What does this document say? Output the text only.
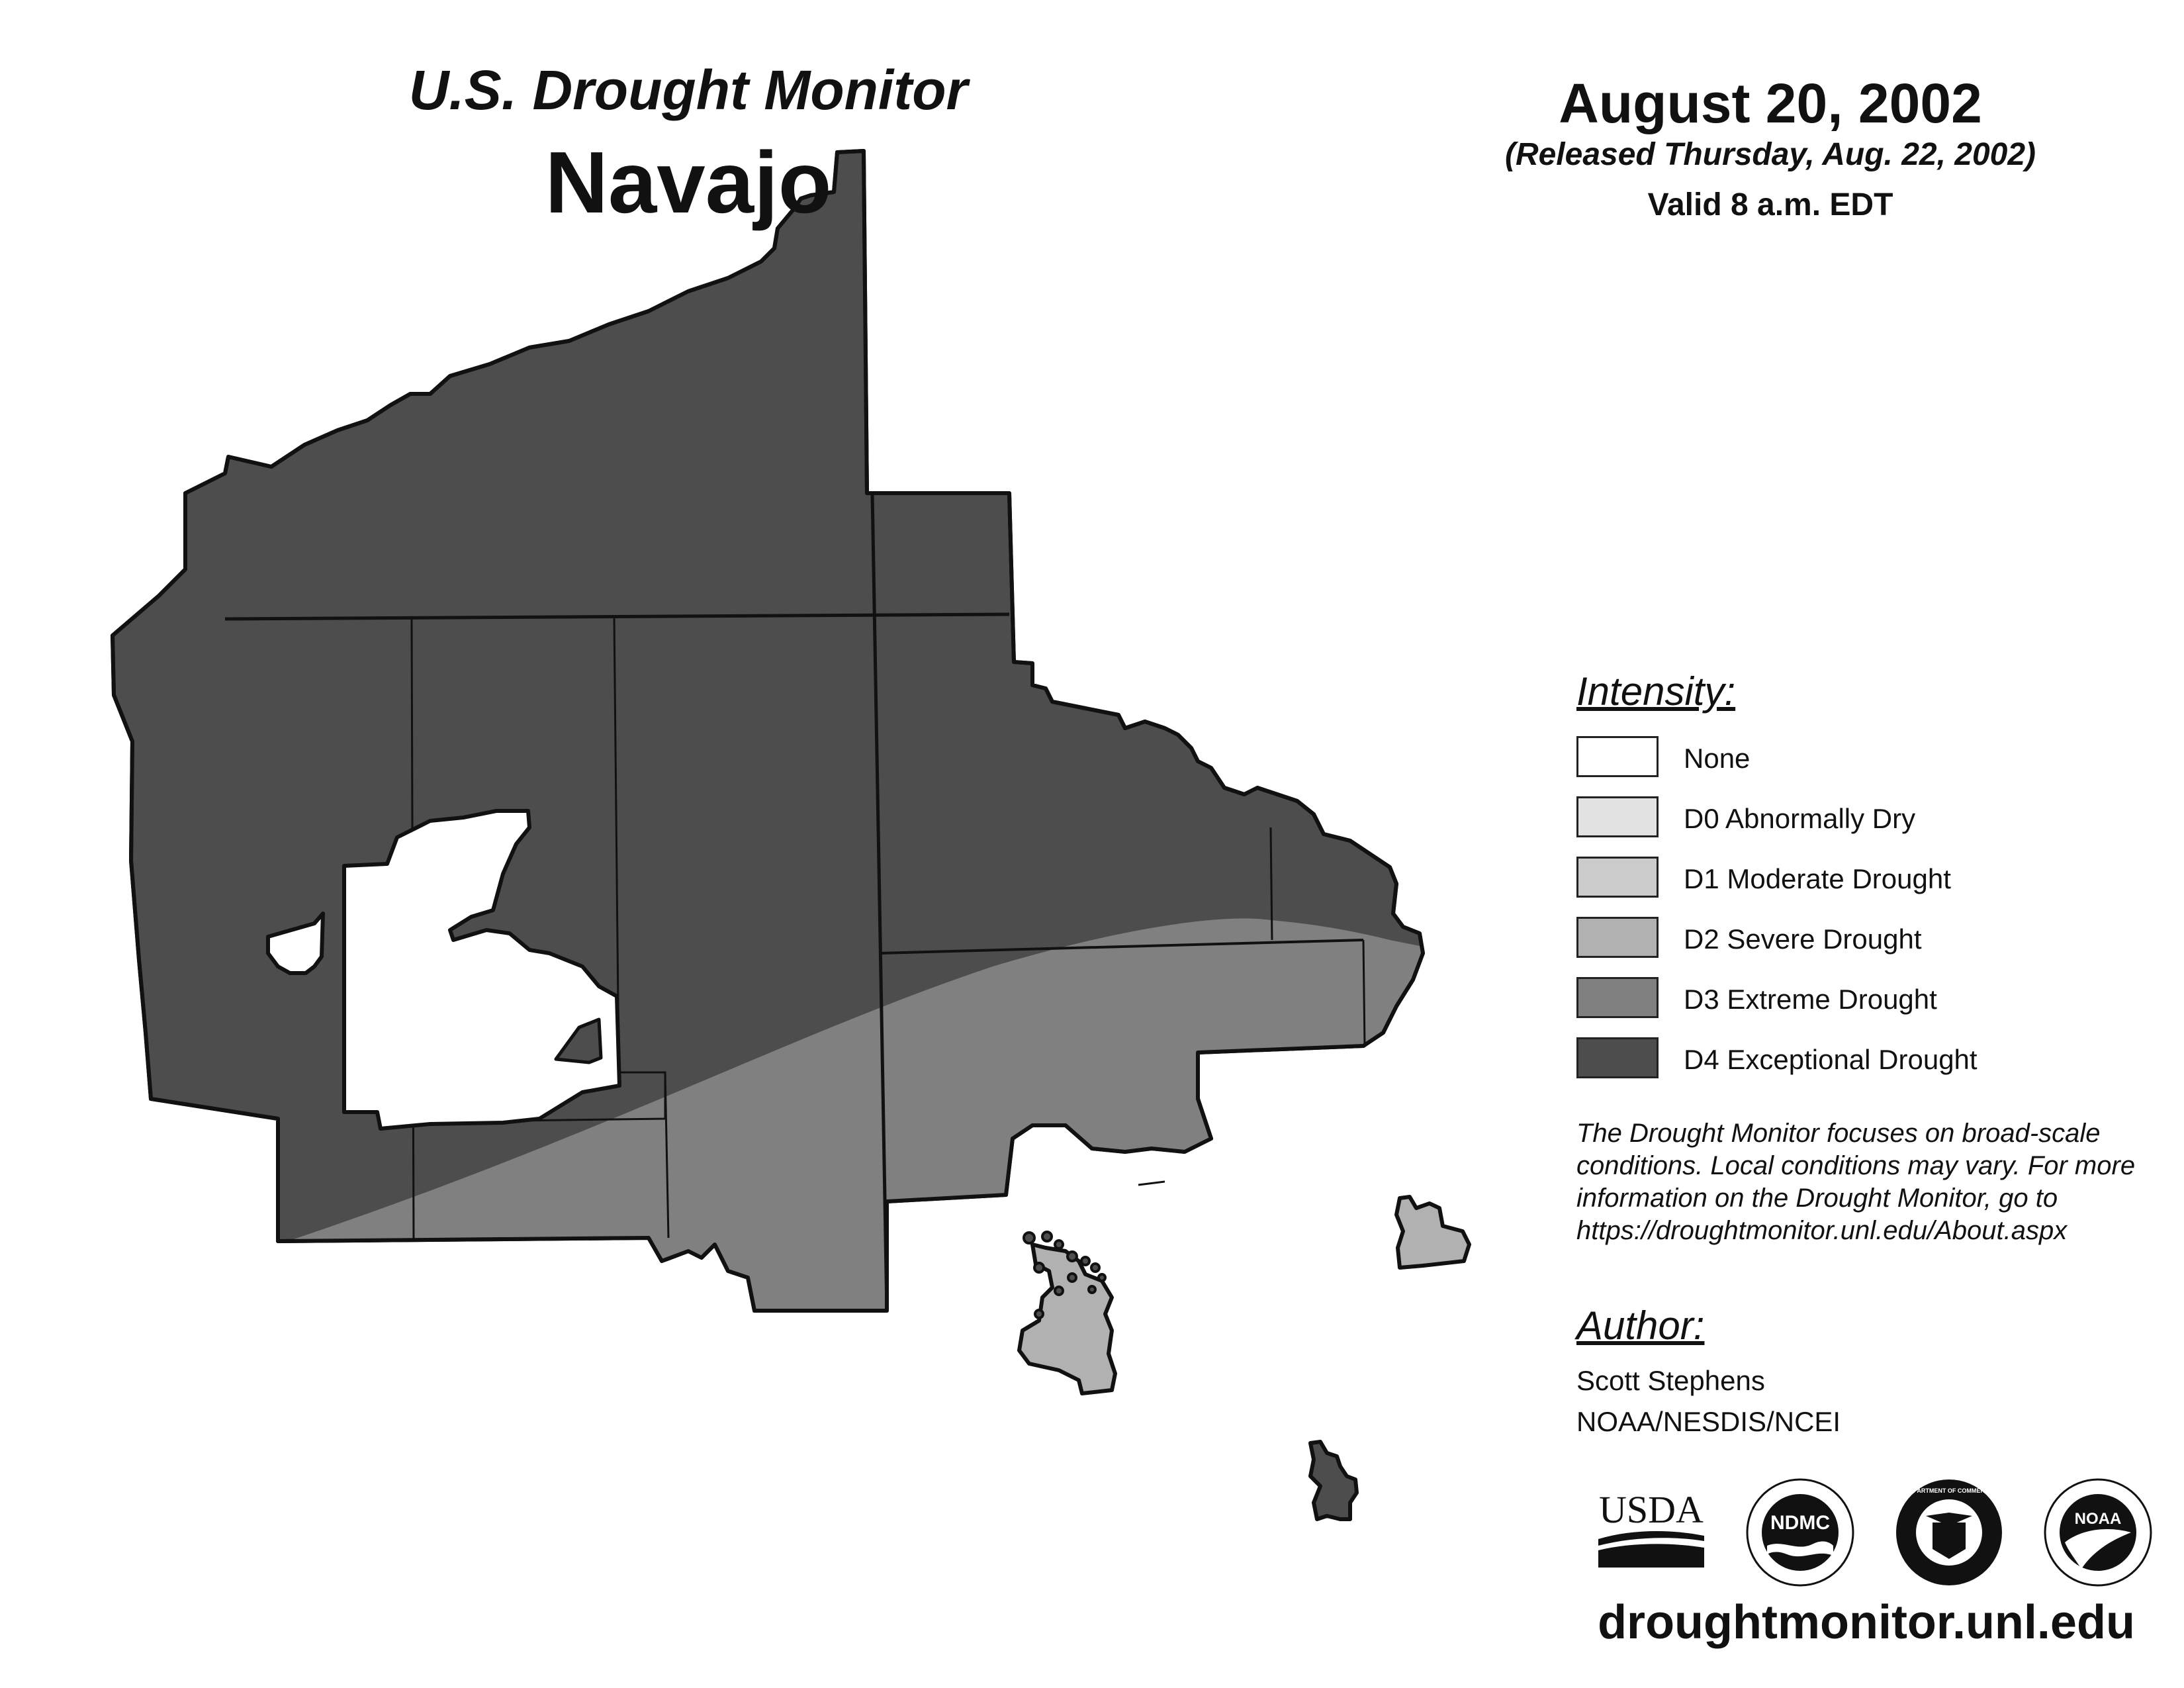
U.S. Drought Monitor
Navajo
August 20, 2002
(Released Thursday, Aug. 22, 2002)
Valid 8 a.m. EDT
Intensity:
None
D0 Abnormally Dry
D1 Moderate Drought
D2 Severe Drought
D3 Extreme Drought
D4 Exceptional Drought
The Drought Monitor focuses on broad-scale conditions. Local conditions may vary. For more information on the Drought Monitor, go to https://droughtmonitor.unl.edu/About.aspx
Author:
Scott Stephens
NOAA/NESDIS/NCEI
USDA	NDMC
DEPARTMENT OF COMMERCE
NOAA
droughtmonitor.unl.edu
